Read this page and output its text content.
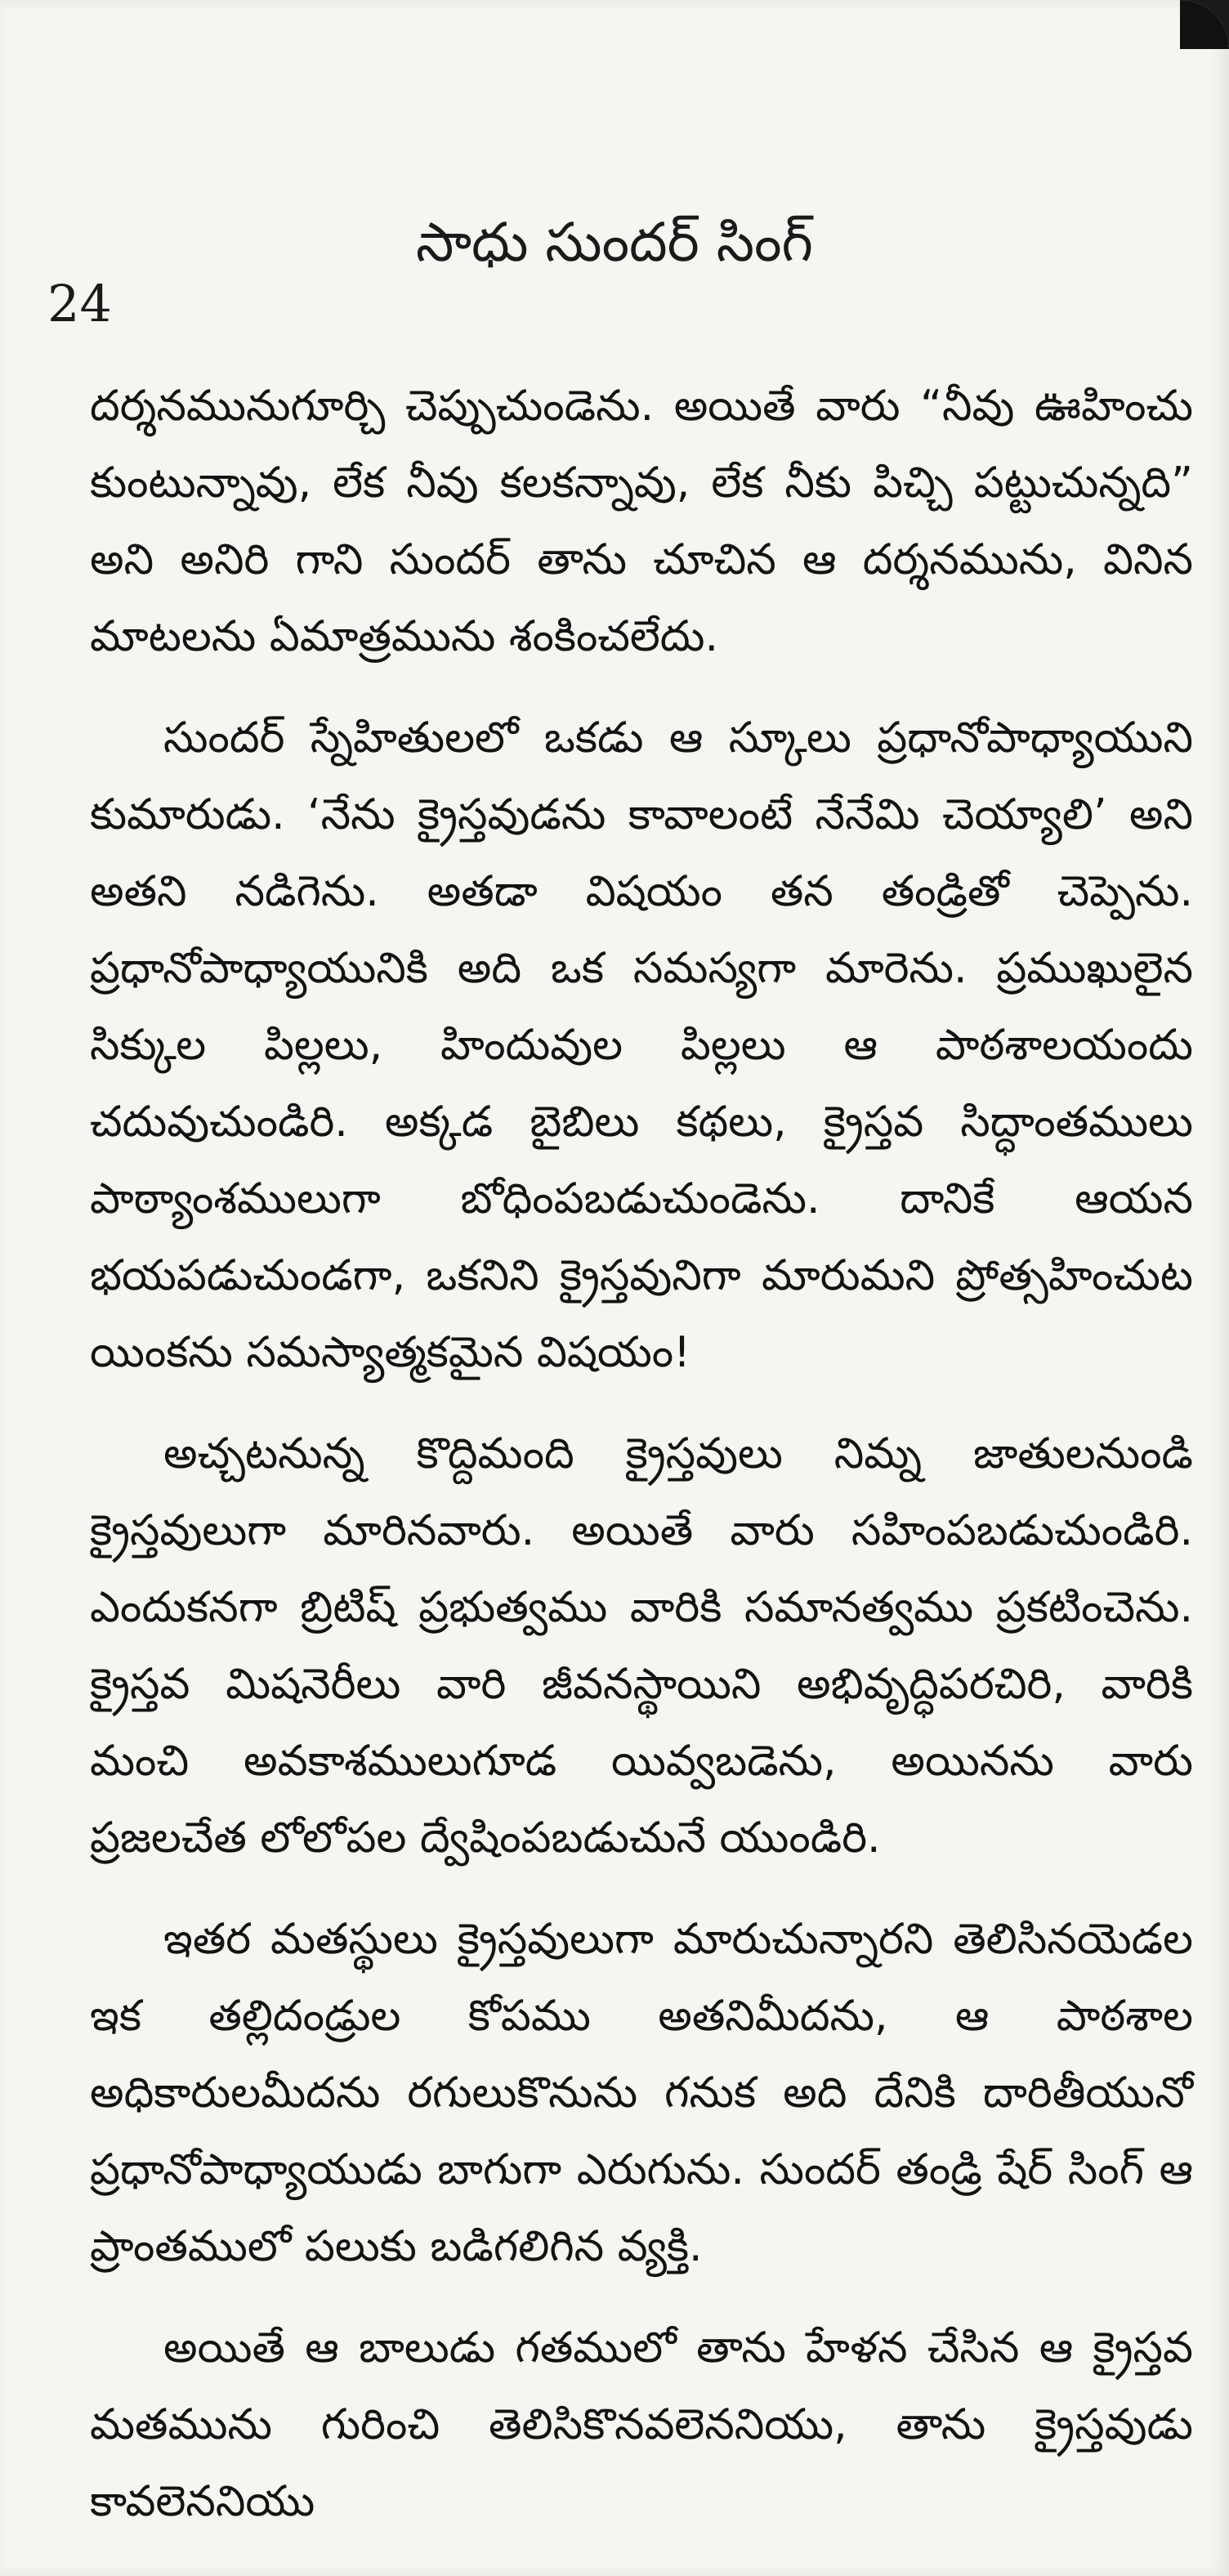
24
సాధు సుందర్ సింగ్

దర్శనమునుగూర్చి చెప్పుచుండెను. అయితే వారు “నీవు ఊహించు కుంటున్నావు, లేక నీవు కలకన్నావు, లేక నీకు పిచ్చి పట్టుచున్నది” అని అనిరి గాని సుందర్ తాను చూచిన ఆ దర్శనమును, వినిన మాటలను ఏమాత్రమును శంకించలేదు.

సుందర్ స్నేహితులలో ఒకడు ఆ స్కూలు ప్రధానోపాధ్యాయుని కుమారుడు. ‘నేను క్రైస్తవుడను కావాలంటే నేనేమి చెయ్యాలి’ అని అతని నడిగెను. అతడా విషయం తన తండ్రితో చెప్పెను. ప్రధానోపాధ్యాయునికి అది ఒక సమస్యగా మారెను. ప్రముఖులైన సిక్కుల పిల్లలు, హిందువుల పిల్లలు ఆ పాఠశాలయందు చదువుచుండిరి. అక్కడ బైబిలు కథలు, క్రైస్తవ సిద్ధాంతములు పాఠ్యాంశములుగా బోధింపబడుచుండెను. దానికే ఆయన భయపడుచుండగా, ఒకనిని క్రైస్తవునిగా మారుమని ప్రోత్సహించుట యింకను సమస్యాత్మకమైన విషయం!

అచ్చటనున్న కొద్దిమంది క్రైస్తవులు నిమ్న జాతులనుండి క్రైస్తవులుగా మారినవారు. అయితే వారు సహింపబడుచుండిరి. ఎందుకనగా బ్రిటిష్ ప్రభుత్వము వారికి సమానత్వము ప్రకటించెను. క్రైస్తవ మిషనెరీలు వారి జీవనస్థాయిని అభివృద్ధిపరచిరి, వారికి మంచి అవకాశములుగూడ యివ్వబడెను, అయినను వారు ప్రజలచేత లోలోపల ద్వేషింపబడుచునే యుండిరి.

ఇతర మతస్థులు క్రైస్తవులుగా మారుచున్నారని తెలిసినయెడల ఇక తల్లిదండ్రుల కోపము అతనిమీదను, ఆ పాఠశాల అధికారులమీదను రగులుకొనును గనుక అది దేనికి దారితీయునో ప్రధానోపాధ్యాయుడు బాగుగా ఎరుగును. సుందర్ తండ్రి షేర్ సింగ్ ఆ ప్రాంతములో పలుకు బడిగలిగిన వ్యక్తి.

అయితే ఆ బాలుడు గతములో తాను హేళన చేసిన ఆ క్రైస్తవ మతమును గురించి తెలిసికొనవలెననియు, తాను క్రైస్తవుడు కావలెననియు
